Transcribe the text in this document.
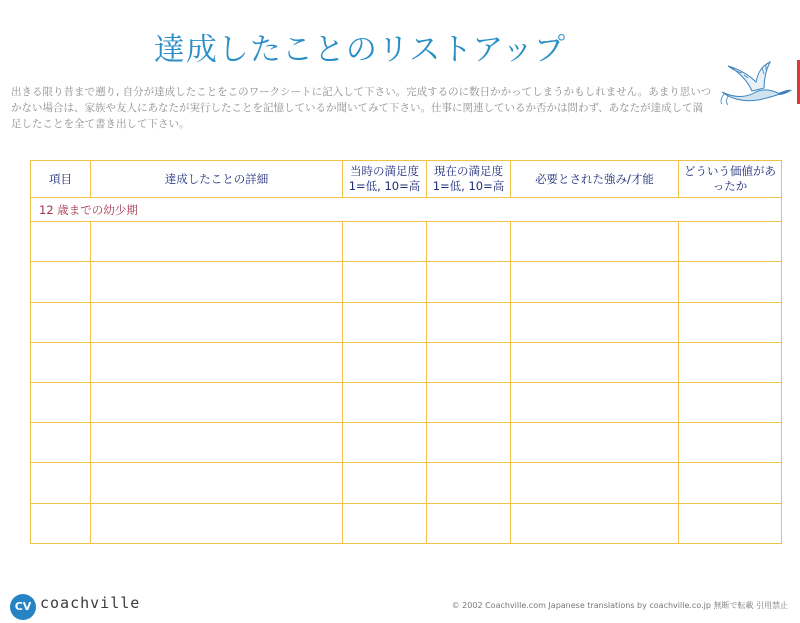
達成したことのリストアップ
出きる限り昔まで遡り, 自分が達成したことをこのワークシートに記入して下さい。完成するのに数日かかってしまうかもしれません。あまり思いつかない場合は、家族や友人にあなたが実行したことを記憶しているか聞いてみて下さい。仕事に関連しているか否かは問わず、あなたが達成して満足したことを全て書き出して下さい。
項目	達成したことの詳細	当時の満足度 1=低, 10=高	現在の満足度 1=低, 10=高	必要とされた強み/才能	どういう価値があったか
12 歳までの幼少期					

CV coachville	© 2002 Coachville.com Japanese translations by coachville.co.jp 無断で転載 引用禁止
